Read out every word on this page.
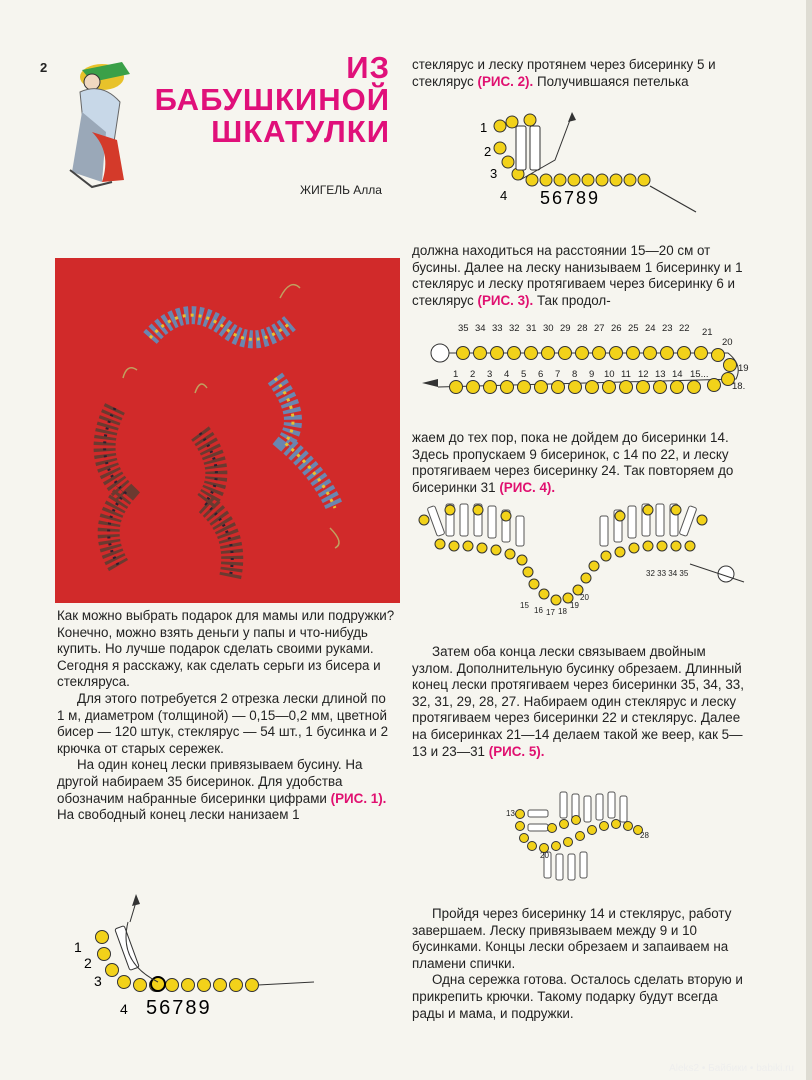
2	ИЗ
БАБУШКИНОЙ
ШКАТУЛКИ
ЖИГЕЛЬ Алла

стеклярус и леску протянем через бисеринку 5 и стеклярус (РИС. 2). Получившаяся петелька

1
2
3
4 56789

должна находиться на расстоянии 15—20 см от бусины. Далее на леску нанизываем 1 бисеринку и 1 стеклярус и леску протягиваем через бисеринку 6 и стеклярус (РИС. 3). Так продол-

35 34 33 32 31 30 29 28 27 26 25 24 23 22 21
20
1 2 3 4 5 6 7 8 9 10 11 12 13 14 15...
19
18.

жаем до тех пор, пока не дойдем до бисеринки 14. Здесь пропускаем 9 бисеринок, с 14 по 22, и леску протягиваем через бисеринку 24. Так повторяем до бисеринки 31 (РИС. 4).

15
16 17 18
19
20
32 33 34 35

Затем оба конца лески связываем двойным узлом. Дополнительную бусинку обрезаем. Длинный конец лески протягиваем через бисеринки 35, 34, 33, 32, 31, 29, 28, 27. Набираем один стеклярус и леску протягиваем через бисеринки 22 и стеклярус. Далее на бисеринках 21—14 делаем такой же веер, как 5—13 и 23—31 (РИС. 5).

13
28
20

Пройдя через бисеринку 14 и стеклярус, работу завершаем. Леску привязываем между 9 и 10 бусинками. Концы лески обрезаем и запаиваем на пламени спички.

Одна сережка готова. Осталось сделать вторую и прикрепить крючки. Такому подарку будут всегда рады и мама, и подружки.

Как можно выбрать подарок для мамы или подружки? Конечно, можно взять деньги у папы и что-нибудь купить. Но лучше подарок сделать своими руками. Сегодня я расскажу, как сделать серьги из бисера и стекляруса.

Для этого потребуется 2 отрезка лески длиной по 1 м, диаметром (толщиной) — 0,15—0,2 мм, цветной бисер — 120 штук, стеклярус — 54 шт., 1 бусинка и 2 крючка от старых сережек.

На один конец лески привязываем бусину. На другой набираем 35 бисеринок. Для удобства обозначим набранные бисеринки цифрами (РИС. 1). На свободный конец лески нанизаем 1

1
2
3
4 56789
Aleks2 • Байбики • babiki.ru
